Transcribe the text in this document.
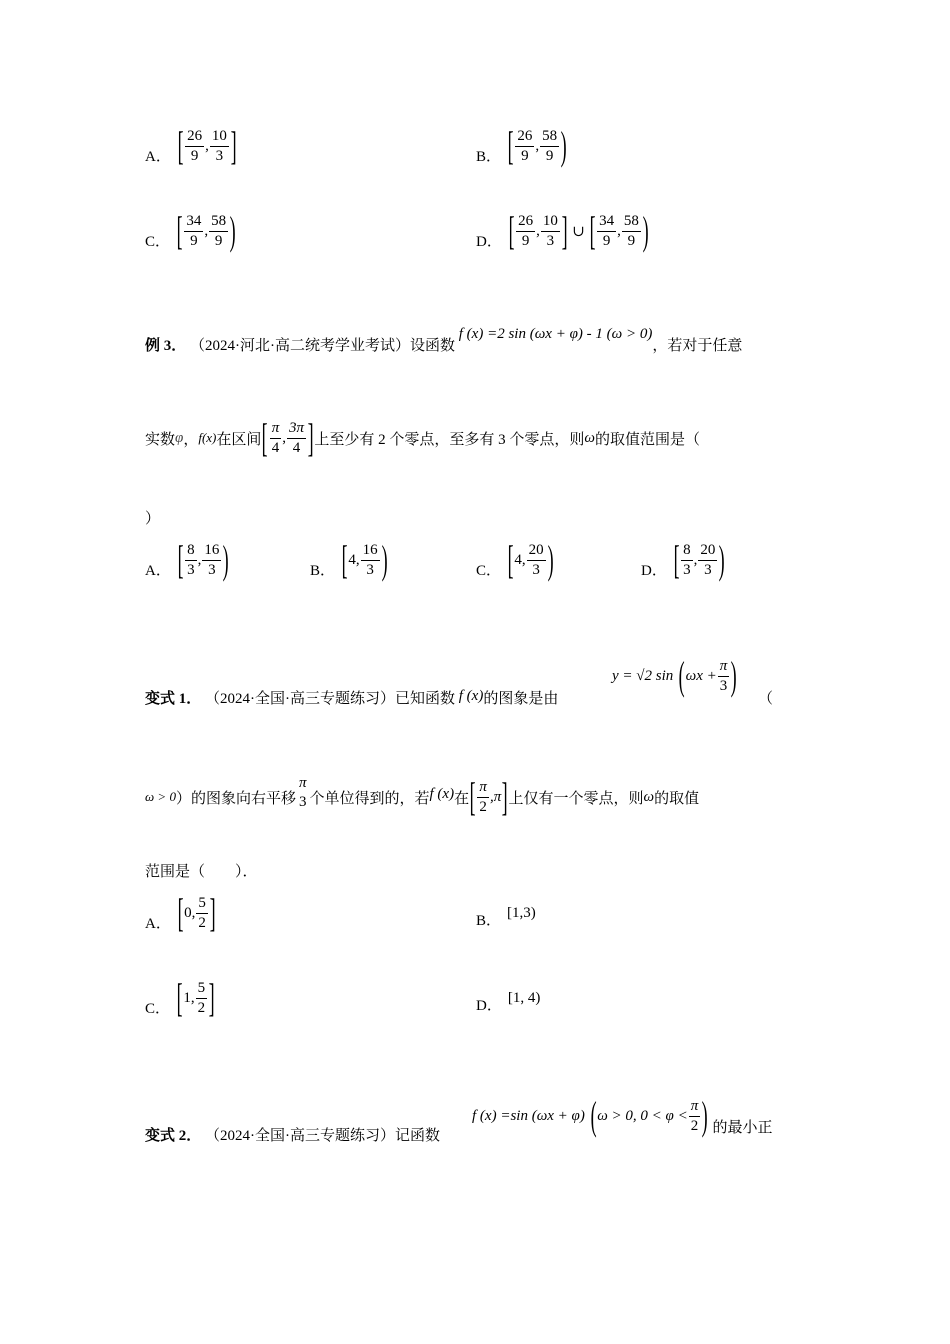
A． [ $\frac{26}{9}$ , $\frac{10}{3}$ ]	B． [ $\frac{26}{9}$ , $\frac{58}{9}$ )
C． [ $\frac{34}{9}$ , $\frac{58}{9}$ )	D． [ $\frac{26}{9}$ , $\frac{10}{3}$ ] ∪ [ $\frac{34}{9}$ , $\frac{58}{9}$ )
例 3． （2024·河北·高二统考学业考试）设函数 f (x) =2 sin (ωx + φ) - 1 (ω > 0)，若对于任意
实数 φ ， f(x) 在区间 [ $\frac{\pi}{4}$ , $\frac{3\pi}{4}$ ] 上至少有 2 个零点，至多有 3 个零点，则 ω 的取值范围是（
）
A． [ $\frac{8}{3}$ , $\frac{16}{3}$ )	B． [ 4, $\frac{16}{3}$ )	C． [ 4, $\frac{20}{3}$ )	D． [ $\frac{8}{3}$ , $\frac{20}{3}$ )
变式 1． （2024·全国·高三专题练习）已知函数 f (x)的图象是由
y = √2 sin ( $\omega x + \frac{\pi}{3}$ )
（
ω > 0 ）的图象向右平移
π
3 个单位得到的，若 f (x) 在 [ $\frac{\pi}{2} ,\pi$ ] 上仅有一个零点，则 ω 的取值
范围是（　　）．
A． [ 0, $\frac{5}{2}$ ]	B． [1,3)
C． [ 1, $\frac{5}{2}$ ]	D． [1, 4)
变式 2． （2024·全国·高三专题练习）记函数
f (x) =sin (ωx + φ) ( ω > 0, $0 < \varphi < \frac{\pi}{2}$ ) 的最小正
